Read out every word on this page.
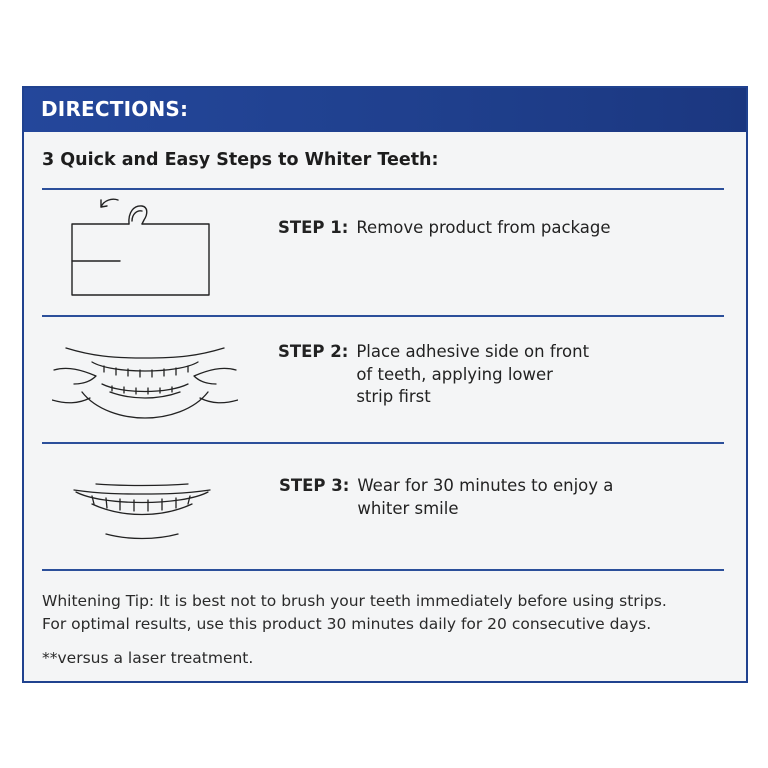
DIRECTIONS:
3 Quick and Easy Steps to Whiter Teeth:
STEP 1: Remove product from package
STEP 2: Place adhesive side on front
of teeth, applying lower
strip first
STEP 3: Wear for 30 minutes to enjoy a
whiter smile
Whitening Tip: It is best not to brush your teeth immediately before using strips.
For optimal results, use this product 30 minutes daily for 20 consecutive days.
**versus a laser treatment.
